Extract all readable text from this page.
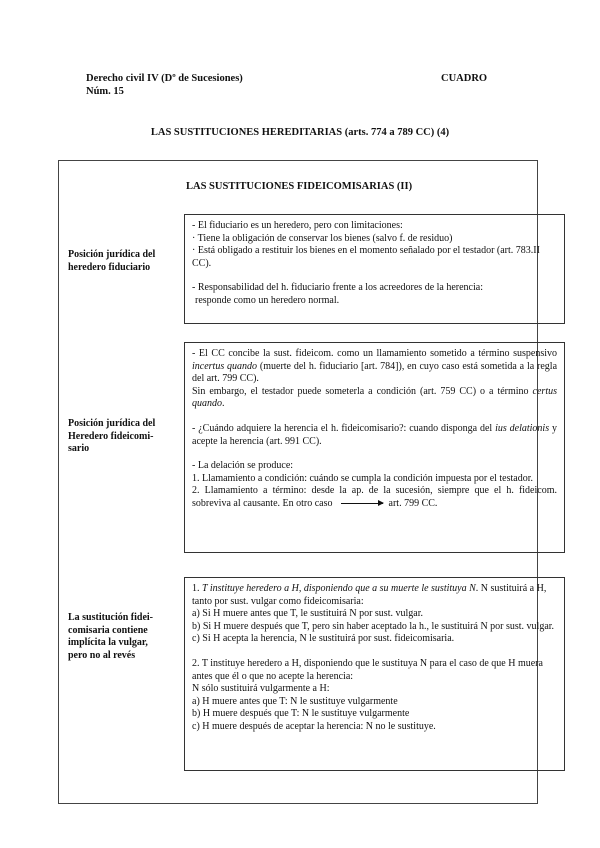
Derecho civil IV (Dº de Sucesiones)
Núm. 15
CUADRO
LAS SUSTITUCIONES HEREDITARIAS (arts. 774 a 789 CC) (4)
LAS SUSTITUCIONES FIDEICOMISARIAS (II)
Posición jurídica del
heredero fiduciario

- El fiduciario es un heredero, pero con limitaciones:

· Tiene la obligación de conservar los bienes (salvo f. de residuo)

· Está obligado a restituir los bienes en el momento señalado por el testador (art. 783.II CC).

- Responsabilidad del h. fiduciario frente a los acreedores de la herencia:

responde como un heredero normal.

Posición jurídica del
Heredero fideicomi-
sario

- El CC concibe la sust. fideicom. como un llamamiento sometido a término suspensivo incertus quando (muerte del h. fiduciario [art. 784]), en cuyo caso está sometida a la regla del art. 799 CC).

Sin embargo, el testador puede someterla a condición (art. 759 CC) o a término certus quando.

- ¿Cuándo adquiere la herencia el h. fideicomisario?: cuando disponga del ius delationis y acepte la herencia (art. 991 CC).

- La delación se produce:

1. Llamamiento a condición: cuándo se cumpla la condición impuesta por el testador.

2. Llamamiento a término: desde la ap. de la sucesión, siempre que el h. fideicom. sobreviva al causante. En otro caso	art. 799 CC.

La sustitución fidei-
comisaria contiene
implícita la vulgar,
pero no al revés

1. T instituye heredero a H, disponiendo que a su muerte le sustituya N. N sustituirá a H, tanto por sust. vulgar como fideicomisaria:

a) Si H muere antes que T, le sustituirá N por sust. vulgar.

b) Si H muere después que T, pero sin haber aceptado la h., le sustituirá N por sust. vulgar.

c) Si H acepta la herencia, N le sustituirá por sust. fideicomisaria.

2. T instituye heredero a H, disponiendo que le sustituya N para el caso de que H muera antes que él o que no acepte la herencia:

N sólo sustituirá vulgarmente a H:

a) H muere antes que T: N le sustituye vulgarmente

b) H muere después que T: N le sustituye vulgarmente

c) H muere después de aceptar la herencia: N no le sustituye.
